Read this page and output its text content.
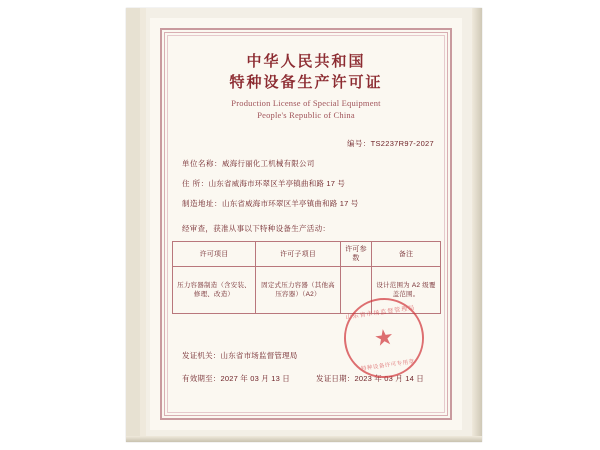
中华人民共和国
特种设备生产许可证
Production License of Special Equipment
People's Republic of China
编号：TS2237R97-2027
单位名称：威海行丽化工机械有限公司
住 所：山东省威海市环翠区羊亭镇曲和路 17 号
制造地址：山东省威海市环翠区羊亭镇曲和路 17 号
经审查，获准从事以下特种设备生产活动：
许可项目	许可子项目	许可参数	备注
压力容器制造（含安装、修理、改造）	固定式压力容器（其他高压容器）（A2）		设计范围为 A2 级覆盖范围。
发证机关：山东省市场监督管理局
有效期至：2027 年 03 月 13 日	发证日期：2023 年 03 月 14 日
山东省市场监督管理局
★
特种设备许可专用章
